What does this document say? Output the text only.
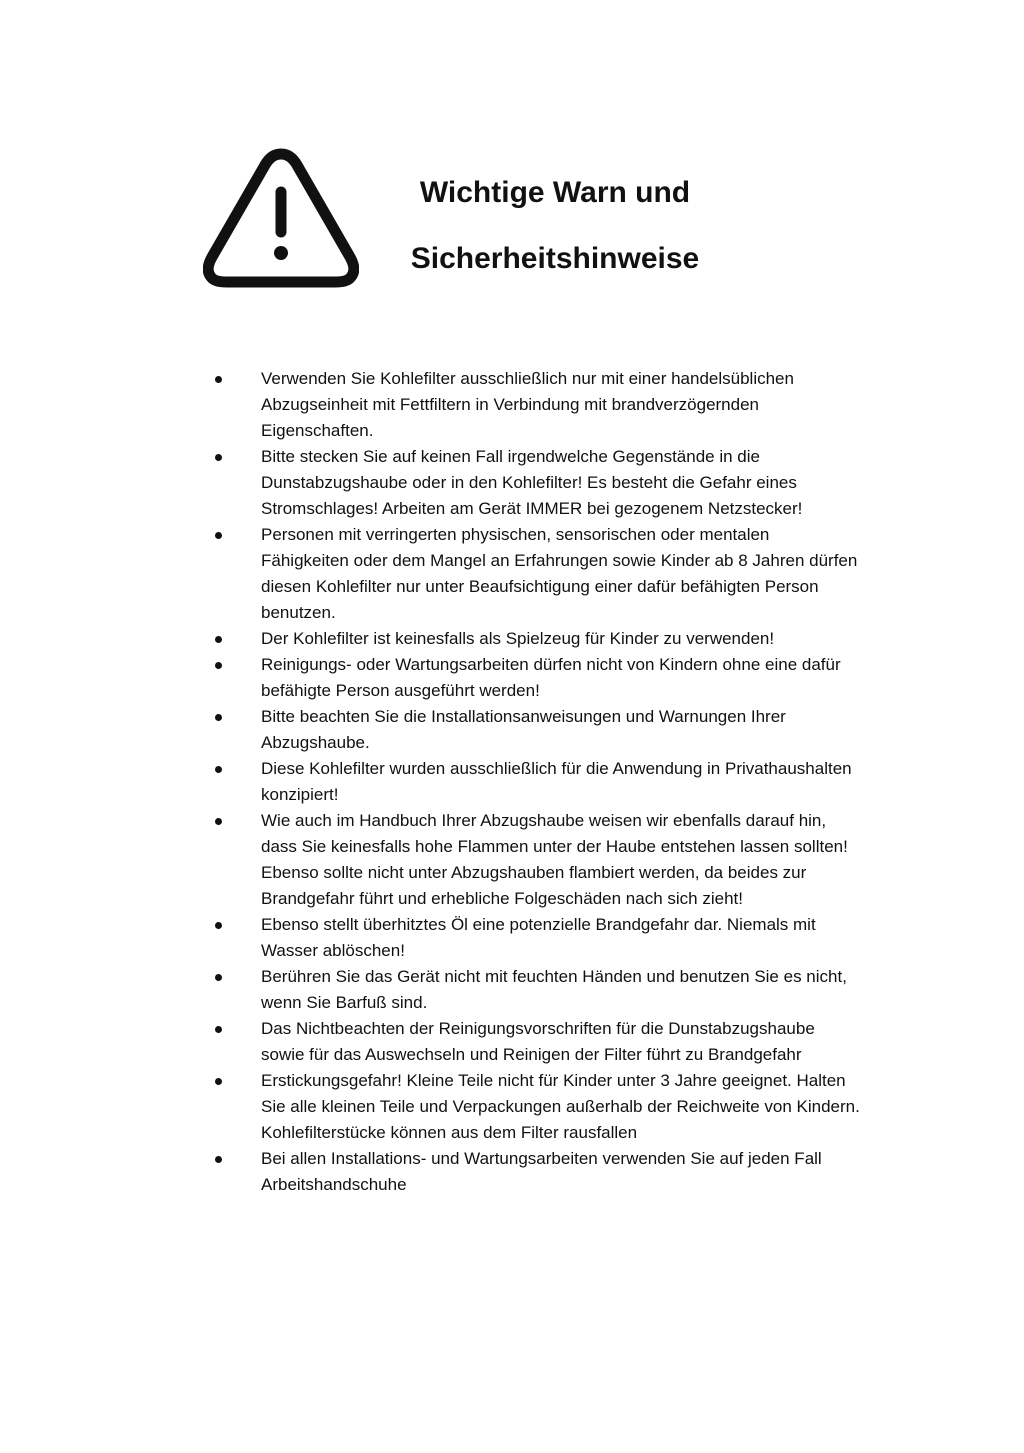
Wichtige Warn und
Sicherheitshinweise
Verwenden Sie Kohlefilter ausschließlich nur mit einer handelsüblichen Abzugseinheit mit Fettfiltern in Verbindung mit brandverzögernden Eigenschaften.
Bitte stecken Sie auf keinen Fall irgendwelche Gegenstände in die Dunstabzugshaube oder in den Kohlefilter! Es besteht die Gefahr eines Stromschlages! Arbeiten am Gerät IMMER bei gezogenem Netzstecker!
Personen mit verringerten physischen, sensorischen oder mentalen Fähigkeiten oder dem Mangel an Erfahrungen sowie Kinder ab 8 Jahren dürfen diesen Kohlefilter nur unter Beaufsichtigung einer dafür befähigten Person benutzen.
Der Kohlefilter ist keinesfalls als Spielzeug für Kinder zu verwenden!
Reinigungs- oder Wartungsarbeiten dürfen nicht von Kindern ohne eine dafür befähigte Person ausgeführt werden!
Bitte beachten Sie die Installationsanweisungen und Warnungen Ihrer Abzugshaube.
Diese Kohlefilter wurden ausschließlich für die Anwendung in Privathaushalten konzipiert!
Wie auch im Handbuch Ihrer Abzugshaube weisen wir ebenfalls darauf hin, dass Sie keinesfalls hohe Flammen unter der Haube entstehen lassen sollten! Ebenso sollte nicht unter Abzugshauben flambiert werden, da beides zur Brandgefahr führt und erhebliche Folgeschäden nach sich zieht!
Ebenso stellt überhitztes Öl eine potenzielle Brandgefahr dar. Niemals mit Wasser ablöschen!
Berühren Sie das Gerät nicht mit feuchten Händen und benutzen Sie es nicht, wenn Sie Barfuß sind.
Das Nichtbeachten der Reinigungsvorschriften für die Dunstabzugshaube sowie für das Auswechseln und Reinigen der Filter führt zu Brandgefahr
Erstickungsgefahr! Kleine Teile nicht für Kinder unter 3 Jahre geeignet. Halten Sie alle kleinen Teile und Verpackungen außerhalb der Reichweite von Kindern. Kohlefilterstücke können aus dem Filter rausfallen
Bei allen Installations- und Wartungsarbeiten verwenden Sie auf jeden Fall Arbeitshandschuhe
